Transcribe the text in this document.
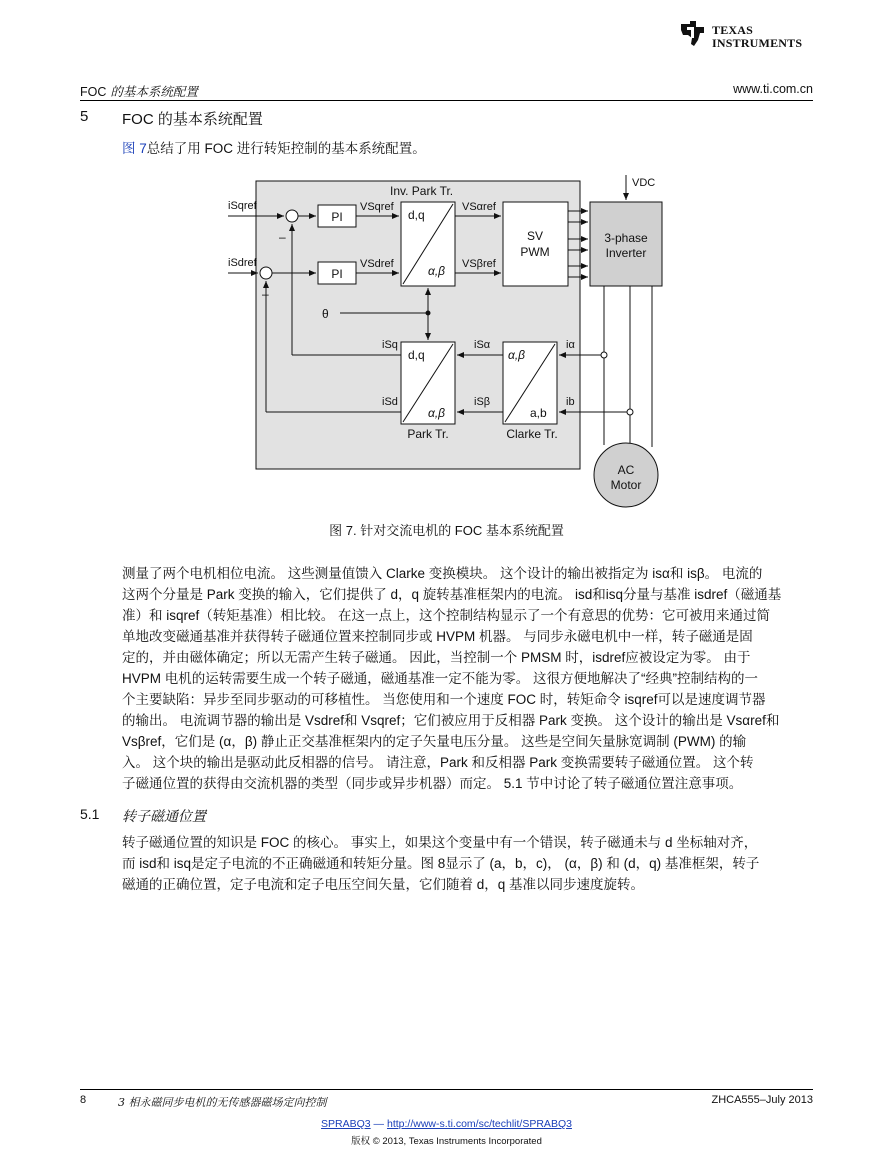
TEXAS
INSTRUMENTS
FOC 的基本系统配置	www.ti.com.cn
5 FOC 的基本系统配置
图 7总结了用 FOC 进行转矩控制的基本系统配置。
iSqref
iSdref
–
–
PI
PI
VSqref
VSdref
Inv. Park Tr.
d,q
α,β
VSαref
VSβref
SV
PWM
3-phase
Inverter
VDC
θ
iSq
iSd
d,q
α,β
iSα
iSβ
α,β
a,b
iα
ib
Park Tr.	Clarke Tr.
AC
Motor
图 7. 针对交流电机的 FOC 基本系统配置
测量了两个电机相位电流。 这些测量值馈入 Clarke 变换模块。 这个设计的输出被指定为 isα和 isβ。 电流的
这两个分量是 Park 变换的输入，它们提供了 d，q 旋转基准框架内的电流。 isd和isq分量与基准 isdref（磁通基
准）和 isqref（转矩基准）相比较。 在这一点上，这个控制结构显示了一个有意思的优势：它可被用来通过简
单地改变磁通基准并获得转子磁通位置来控制同步或 HVPM 机器。 与同步永磁电机中一样，转子磁通是固
定的，并由磁体确定；所以无需产生转子磁通。 因此，当控制一个 PMSM 时，isdref应被设定为零。 由于
HVPM 电机的运转需要生成一个转子磁通，磁通基准一定不能为零。 这很方便地解决了“经典”控制结构的一
个主要缺陷：异步至同步驱动的可移植性。 当您使用和一个速度 FOC 时，转矩命令 isqref可以是速度调节器
的输出。 电流调节器的输出是 Vsdref和 Vsqref；它们被应用于反相器 Park 变换。 这个设计的输出是 Vsαref和
Vsβref，它们是 (α，β) 静止正交基准框架内的定子矢量电压分量。 这些是空间矢量脉宽调制 (PWM) 的输
入。 这个块的输出是驱动此反相器的信号。 请注意，Park 和反相器 Park 变换需要转子磁通位置。 这个转
子磁通位置的获得由交流机器的类型（同步或异步机器）而定。 5.1 节中讨论了转子磁通位置注意事项。
5.1 转子磁通位置
转子磁通位置的知识是 FOC 的核心。 事实上，如果这个变量中有一个错误，转子磁通未与 d 坐标轴对齐，
而 isd和 isq是定子电流的不正确磁通和转矩分量。图 8显示了 (a，b，c)， (α，β) 和 (d，q) 基准框架，转子
磁通的正确位置，定子电流和定子电压空间矢量，它们随着 d，q 基准以同步速度旋转。
8	3 相永磁同步电机的无传感器磁场定向控制	ZHCA555–July 2013
SPRABQ3 — http://www-s.ti.com/sc/techlit/SPRABQ3
版权 © 2013, Texas Instruments Incorporated
